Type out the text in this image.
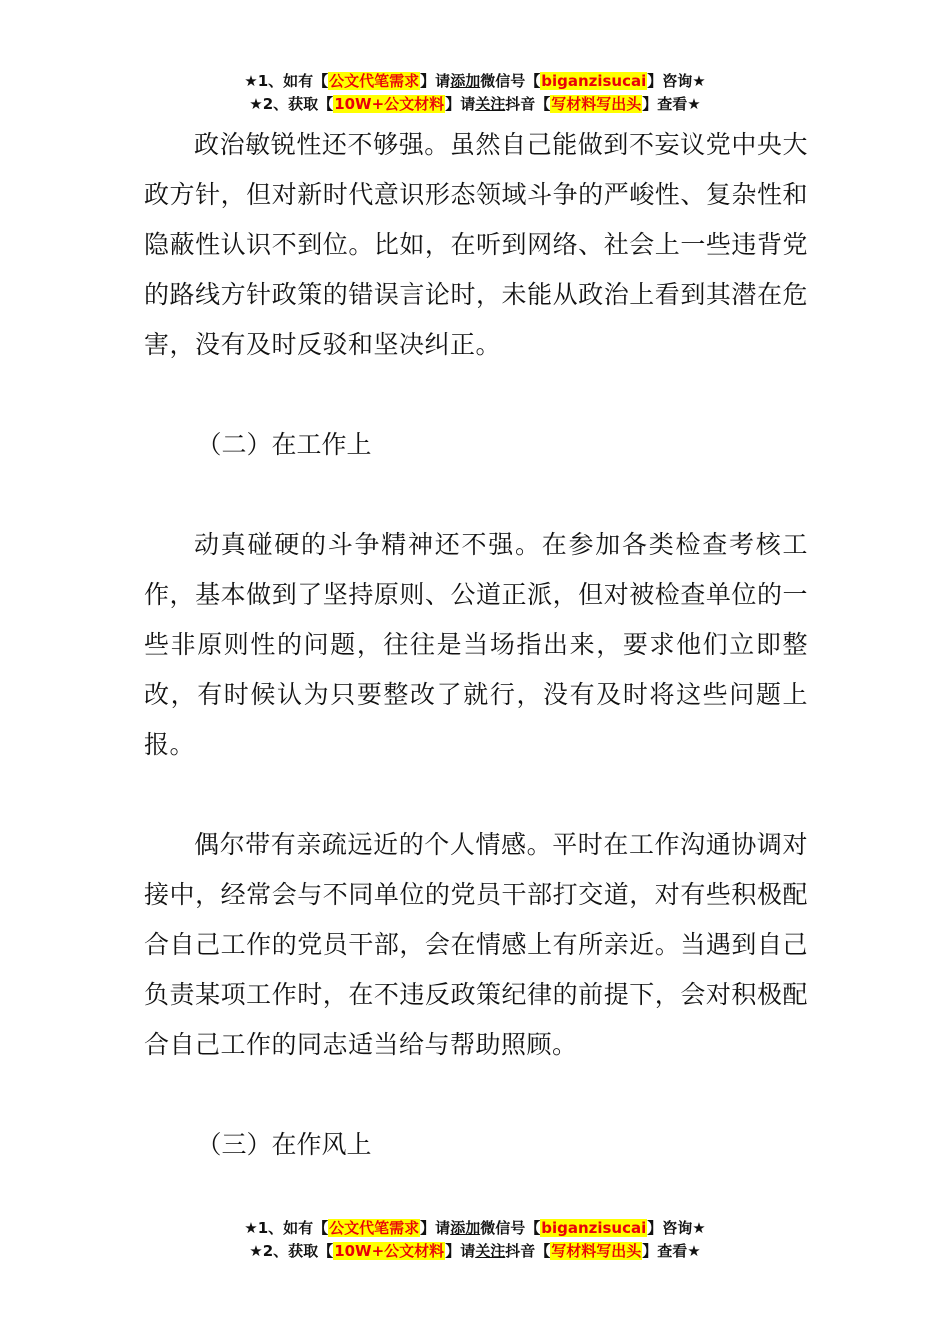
★1、如有【公文代笔需求】请添加微信号【biganzisucai】咨询★
★2、获取【10W+公文材料】请关注抖音【写材料写出头】查看★

政治敏锐性还不够强。虽然自己能做到不妄议党中央大政方针，但对新时代意识形态领域斗争的严峻性、复杂性和隐蔽性认识不到位。比如，在听到网络、社会上一些违背党的路线方针政策的错误言论时，未能从政治上看到其潜在危害，没有及时反驳和坚决纠正。

（二）在工作上

动真碰硬的斗争精神还不强。在参加各类检查考核工作，基本做到了坚持原则、公道正派，但对被检查单位的一些非原则性的问题，往往是当场指出来，要求他们立即整改，有时候认为只要整改了就行，没有及时将这些问题上报。

偶尔带有亲疏远近的个人情感。平时在工作沟通协调对接中，经常会与不同单位的党员干部打交道，对有些积极配合自己工作的党员干部，会在情感上有所亲近。当遇到自己负责某项工作时，在不违反政策纪律的前提下，会对积极配合自己工作的同志适当给与帮助照顾。

（三）在作风上

★1、如有【公文代笔需求】请添加微信号【biganzisucai】咨询★
★2、获取【10W+公文材料】请关注抖音【写材料写出头】查看★
